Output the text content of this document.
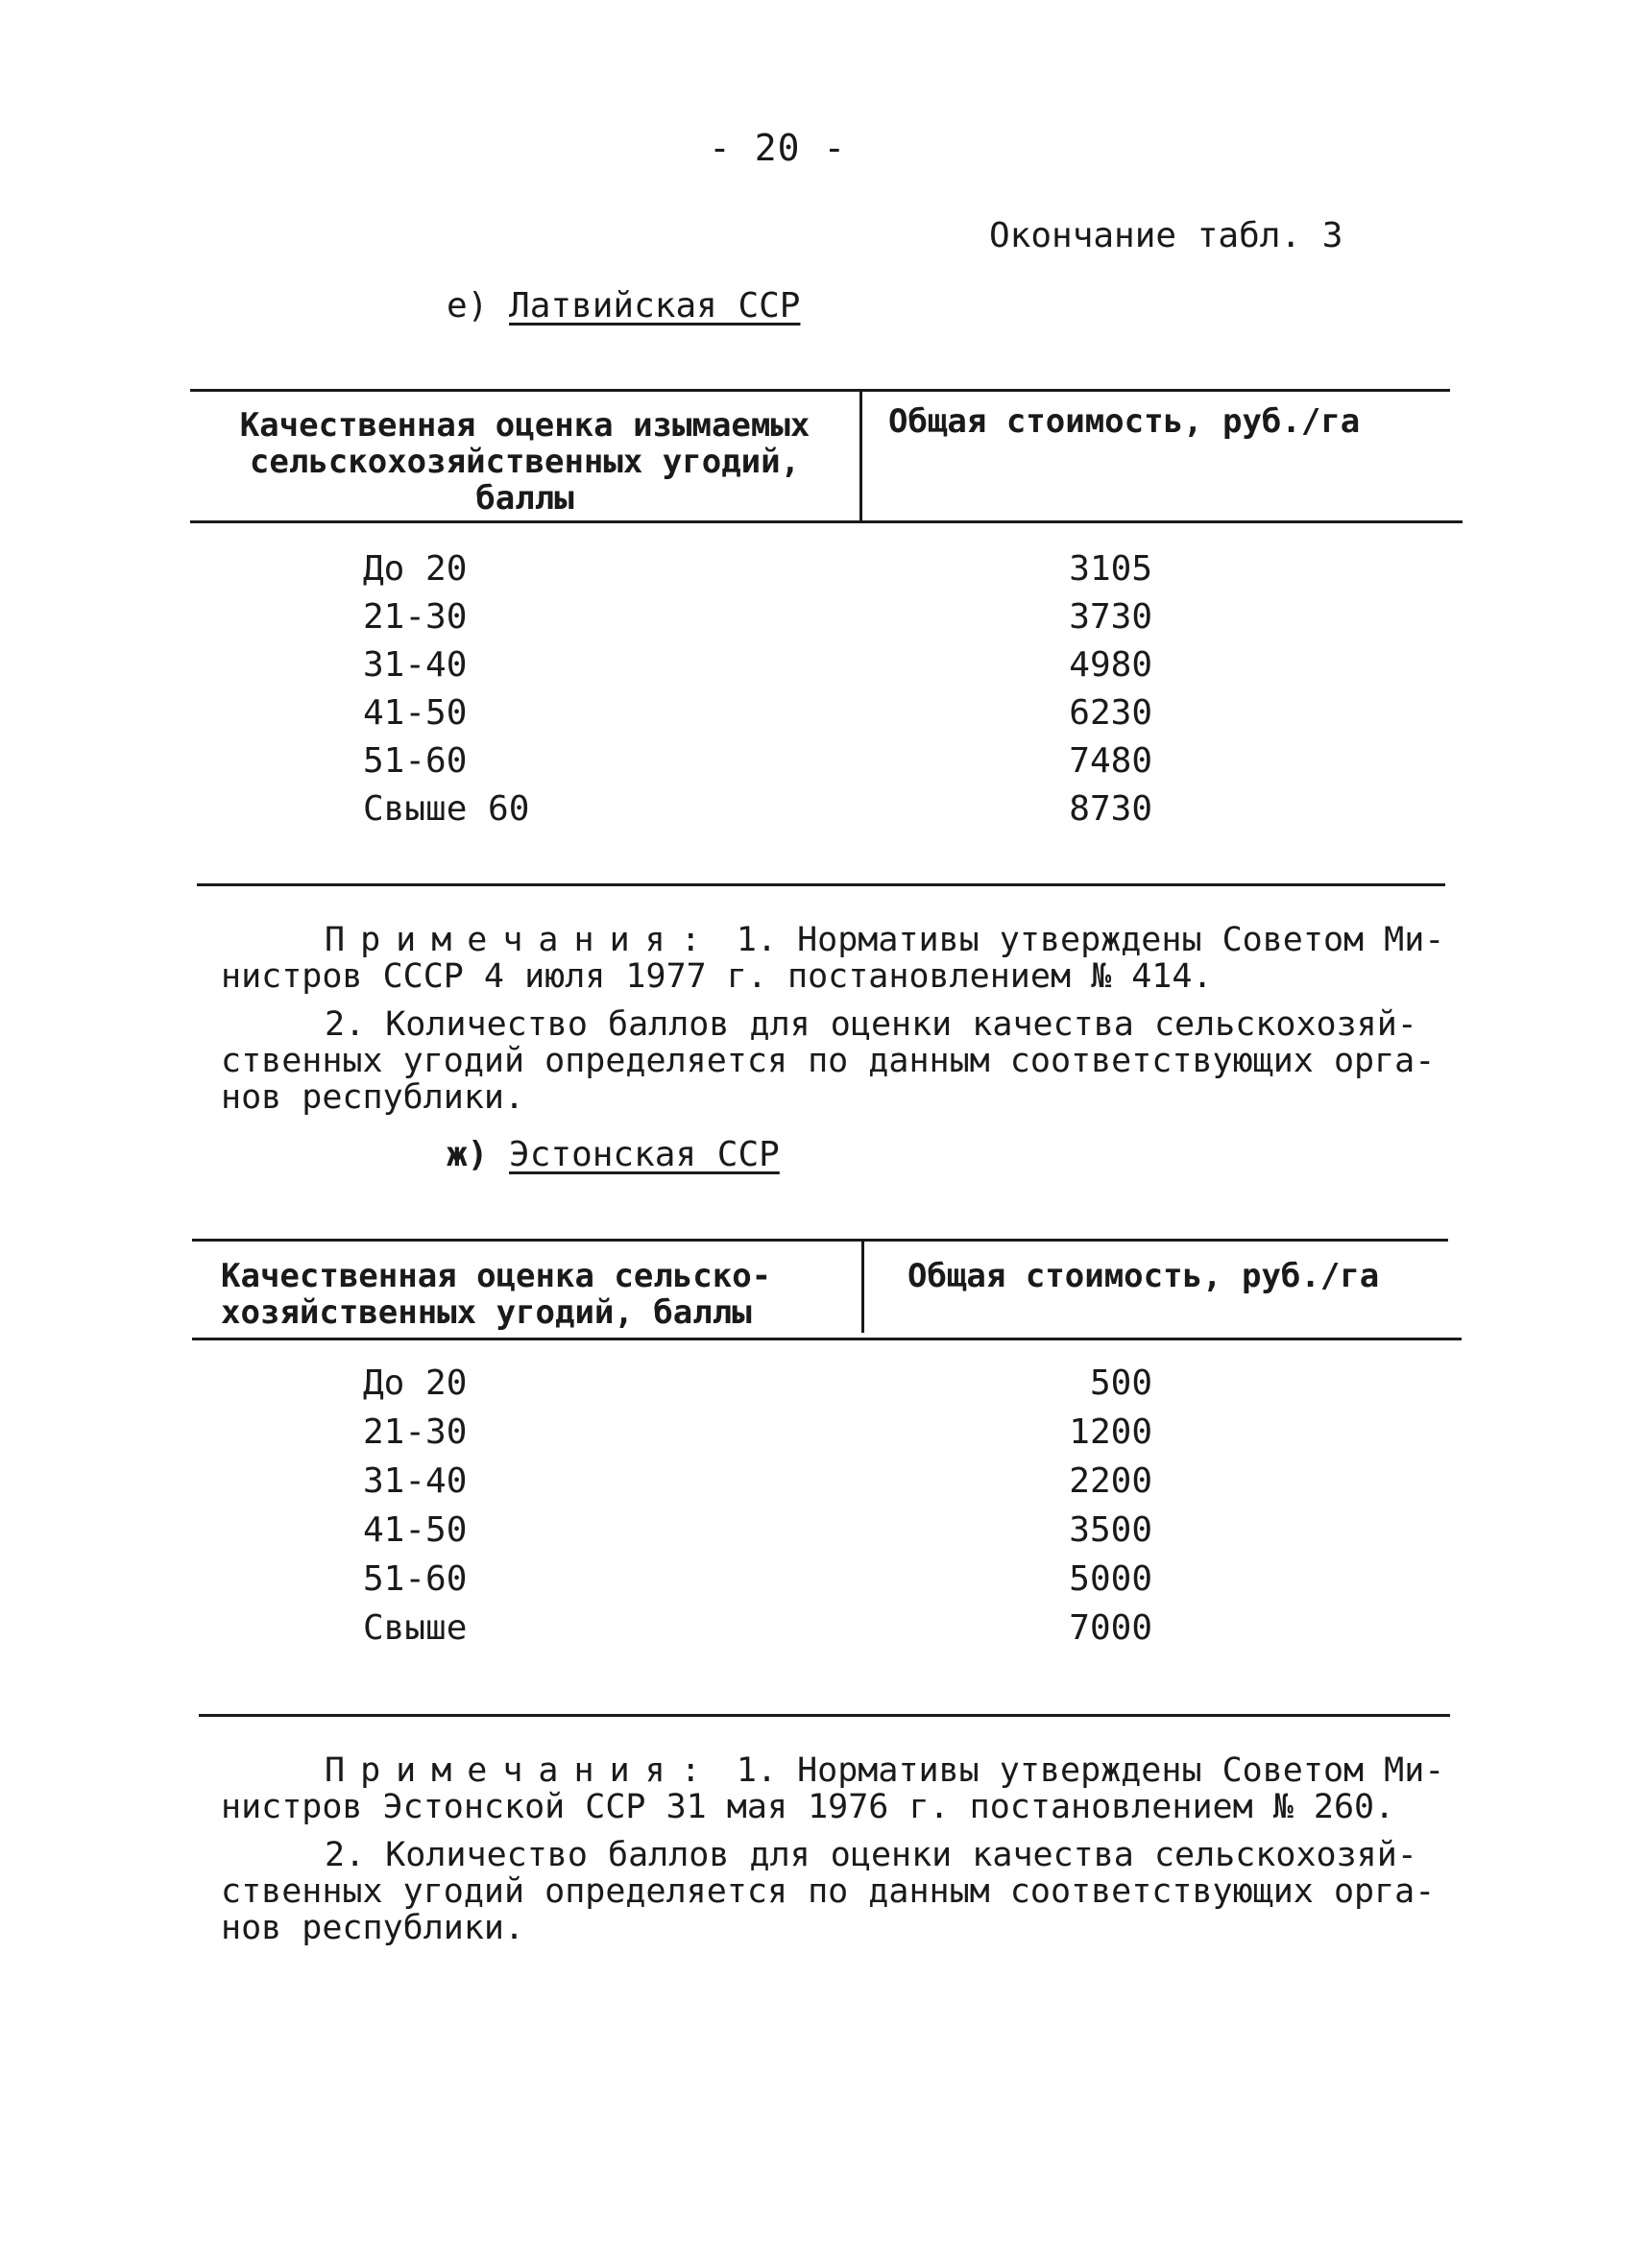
- 20 -
Окончание табл. 3
е) Латвийская ССР
Качественная оценка изымаемых
сельскохозяйственных угодий,
баллы
Общая стоимость, руб./га
До 20	3105
21-30	3730
31-40	4980
41-50	6230
51-60	7480
Свыше 60	8730
Примечания: 1. Нормативы утверждены Советом Ми-
нистров СССР 4 июля 1977 г. постановлением № 414.
2. Количество баллов для оценки качества сельскохозяй-
ственных угодий определяется по данным соответствующих орга-
нов республики.
ж) Эстонская ССР
Качественная оценка сельско-
хозяйственных угодий, баллы
Общая стоимость, руб./га
До 20	500
21-30	1200
31-40	2200
41-50	3500
51-60	5000
Свыше	7000
Примечания: 1. Нормативы утверждены Советом Ми-
нистров Эстонской ССР 31 мая 1976 г. постановлением № 260.
2. Количество баллов для оценки качества сельскохозяй-
ственных угодий определяется по данным соответствующих орга-
нов республики.
